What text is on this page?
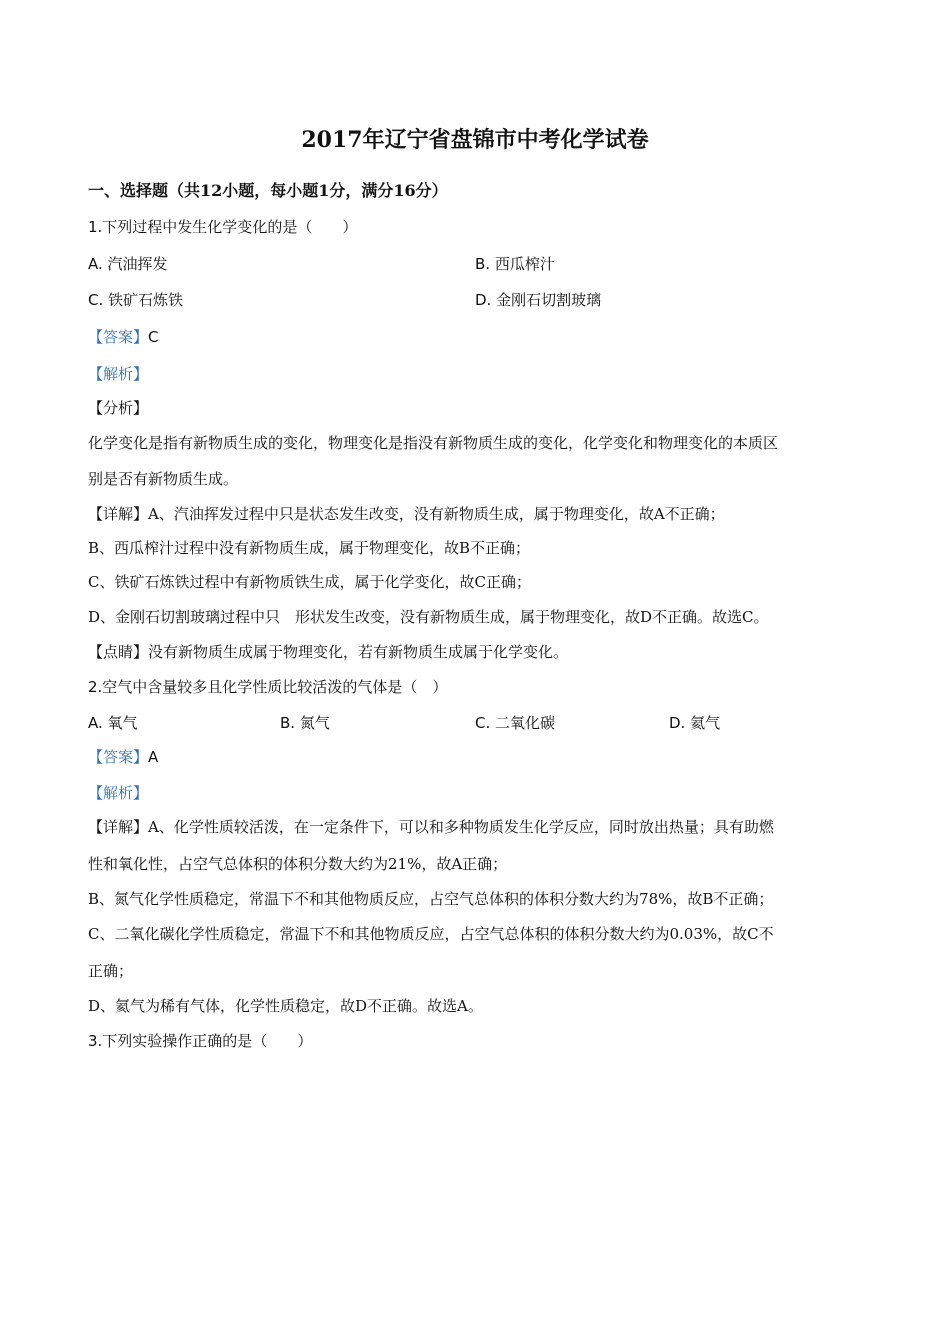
2017年辽宁省盘锦市中考化学试卷
一、选择题（共12小题，每小题1分，满分16分）
1.下列过程中发生化学变化的是（　　）
A. 汽油挥发	B. 西瓜榨汁
C. 铁矿石炼铁	D. 金刚石切割玻璃
【答案】C
【解析】
【分析】
化学变化是指有新物质生成的变化，物理变化是指没有新物质生成的变化，化学变化和物理变化的本质区
别是否有新物质生成。
【详解】A、汽油挥发过程中只是状态发生改变，没有新物质生成，属于物理变化，故A不正确；
B、西瓜榨汁过程中没有新物质生成，属于物理变化，故B不正确；
C、铁矿石炼铁过程中有新物质铁生成，属于化学变化，故C正确；
D、金刚石切割玻璃过程中只　形状发生改变，没有新物质生成，属于物理变化，故D不正确。故选C。
【点睛】没有新物质生成属于物理变化，若有新物质生成属于化学变化。
2.空气中含量较多且化学性质比较活泼的气体是（　）
A. 氧气	B. 氮气	C. 二氧化碳	D. 氦气
【答案】A
【解析】
【详解】A、化学性质较活泼，在一定条件下，可以和多种物质发生化学反应，同时放出热量；具有助燃
性和氧化性，占空气总体积的体积分数大约为21%，故A正确；
B、氮气化学性质稳定，常温下不和其他物质反应，占空气总体积的体积分数大约为78%，故B不正确；
C、二氧化碳化学性质稳定，常温下不和其他物质反应，占空气总体积的体积分数大约为0.03%，故C不
正确；
D、氦气为稀有气体，化学性质稳定，故D不正确。故选A。
3.下列实验操作正确的是（　　）
